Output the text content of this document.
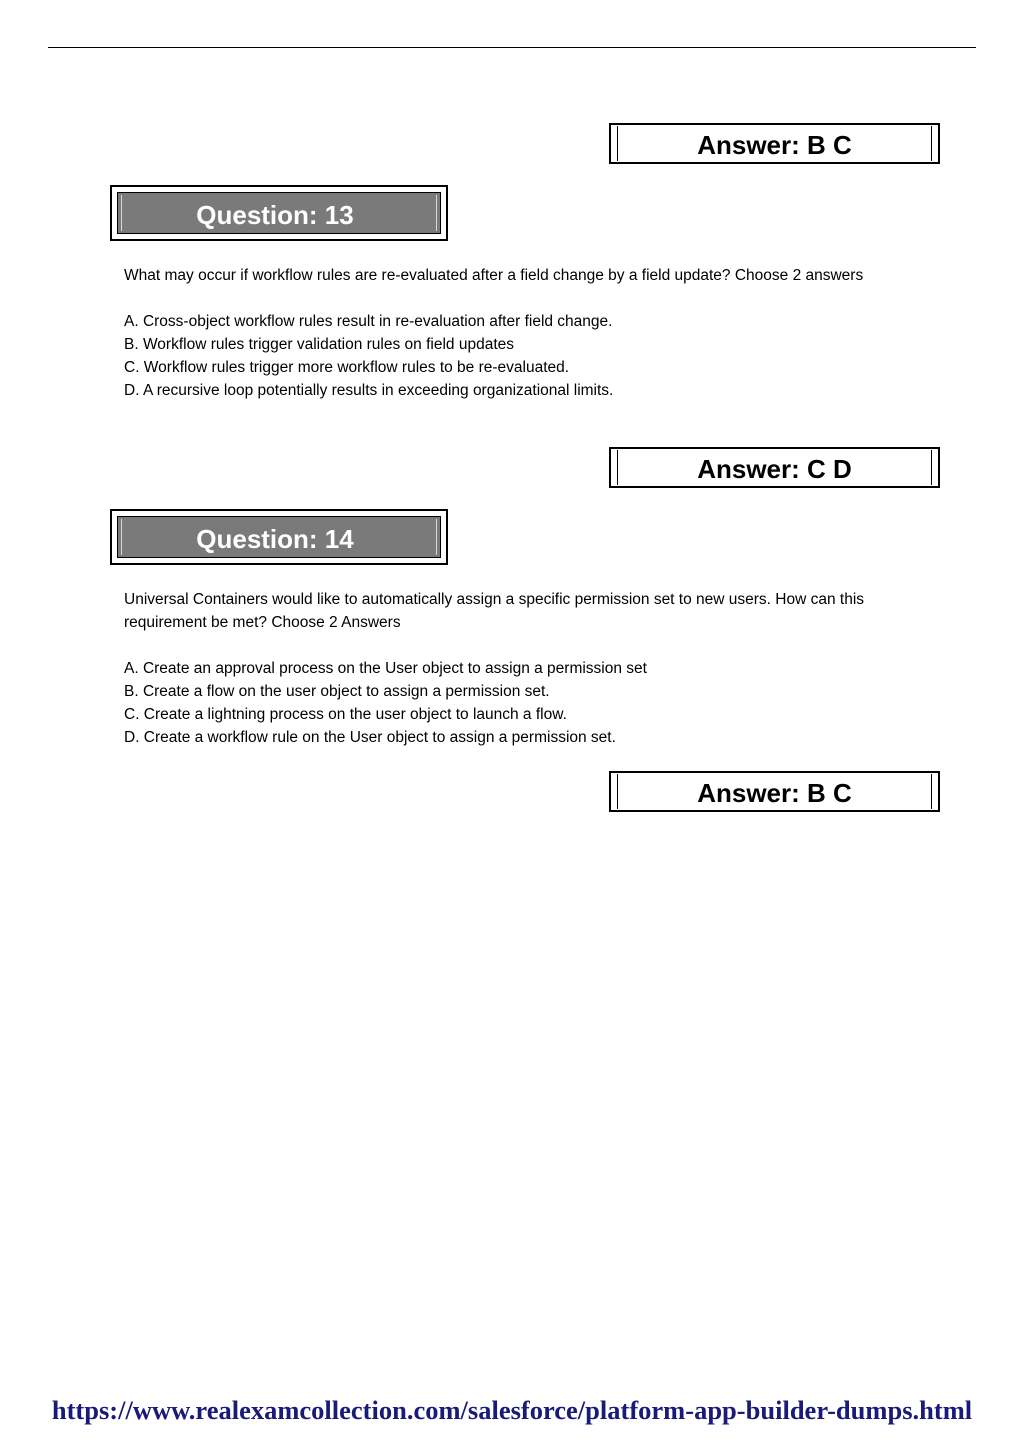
Answer: B C
Question: 13

What may occur if workflow rules are re-evaluated after a field change by a field update? Choose 2 answers

A. Cross-object workflow rules result in re-evaluation after field change.
B. Workflow rules trigger validation rules on field updates
C. Workflow rules trigger more workflow rules to be re-evaluated.
D. A recursive loop potentially results in exceeding organizational limits.
Answer: C D
Question: 14

Universal Containers would like to automatically assign a specific permission set to new users. How can this requirement be met? Choose 2 Answers

A. Create an approval process on the User object to assign a permission set
B. Create a flow on the user object to assign a permission set.
C. Create a lightning process on the user object to launch a flow.
D. Create a workflow rule on the User object to assign a permission set.
Answer: B C
https://www.realexamcollection.com/salesforce/platform-app-builder-dumps.html
